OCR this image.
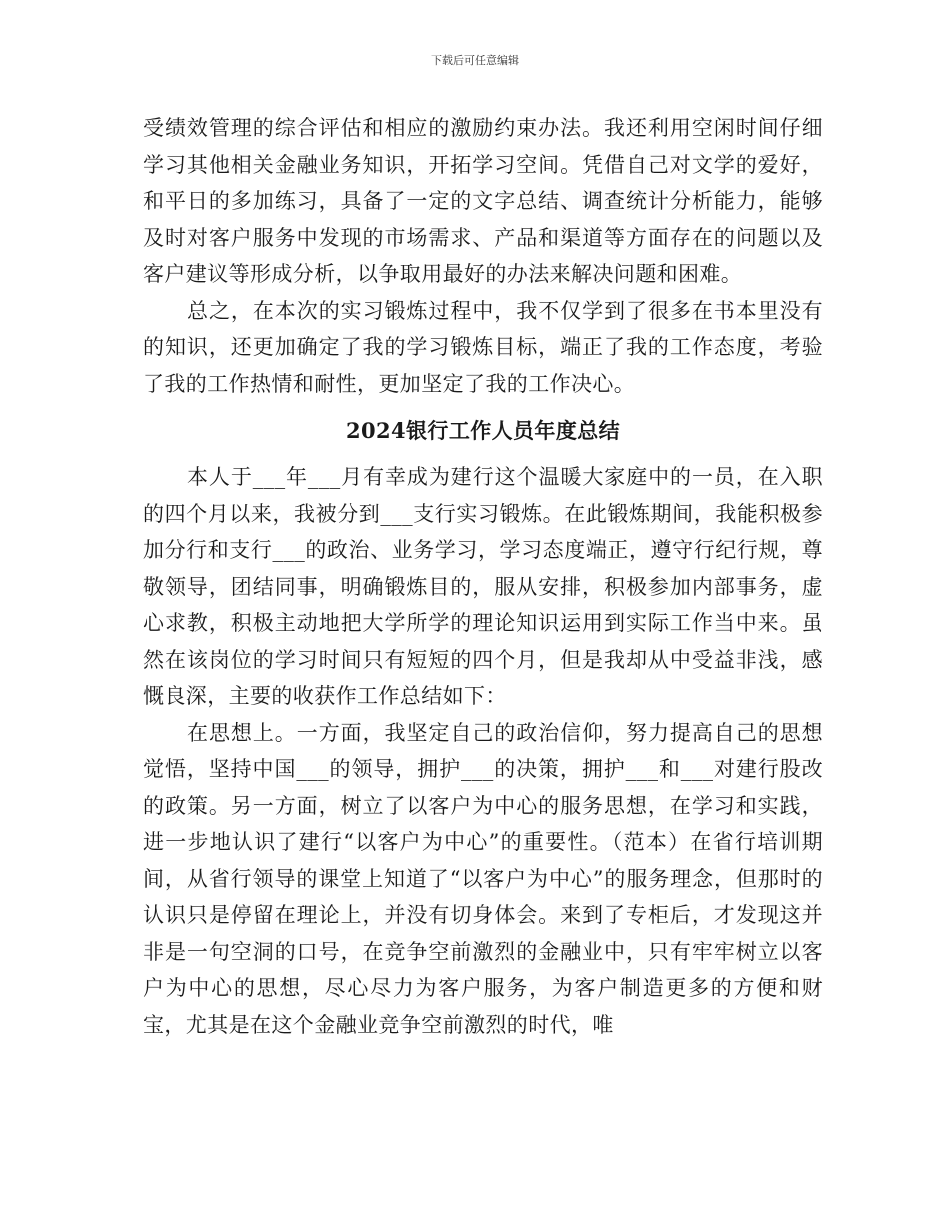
下载后可任意编辑

受绩效管理的综合评估和相应的激励约束办法。我还利用空闲时间仔细学习其他相关金融业务知识，开拓学习空间。凭借自己对文学的爱好，和平日的多加练习，具备了一定的文字总结、调查统计分析能力，能够及时对客户服务中发现的市场需求、产品和渠道等方面存在的问题以及客户建议等形成分析，以争取用最好的办法来解决问题和困难。

总之，在本次的实习锻炼过程中，我不仅学到了很多在书本里没有的知识，还更加确定了我的学习锻炼目标，端正了我的工作态度，考验了我的工作热情和耐性，更加坚定了我的工作决心。

2024银行工作人员年度总结

本人于___年___月有幸成为建行这个温暖大家庭中的一员，在入职的四个月以来，我被分到___支行实习锻炼。在此锻炼期间，我能积极参加分行和支行___的政治、业务学习，学习态度端正，遵守行纪行规，尊敬领导，团结同事，明确锻炼目的，服从安排，积极参加内部事务，虚心求教，积极主动地把大学所学的理论知识运用到实际工作当中来。虽然在该岗位的学习时间只有短短的四个月，但是我却从中受益非浅，感慨良深，主要的收获作工作总结如下：

在思想上。一方面，我坚定自己的政治信仰，努力提高自己的思想觉悟，坚持中国___的领导，拥护___的决策，拥护___和___对建行股改的政策。另一方面，树立了以客户为中心的服务思想，在学习和实践，进一步地认识了建行“以客户为中心”的重要性。（范本）在省行培训期间，从省行领导的课堂上知道了“以客户为中心”的服务理念，但那时的认识只是停留在理论上，并没有切身体会。来到了专柜后，才发现这并非是一句空洞的口号，在竞争空前激烈的金融业中，只有牢牢树立以客户为中心的思想，尽心尽力为客户服务，为客户制造更多的方便和财宝，尤其是在这个金融业竞争空前激烈的时代，唯
